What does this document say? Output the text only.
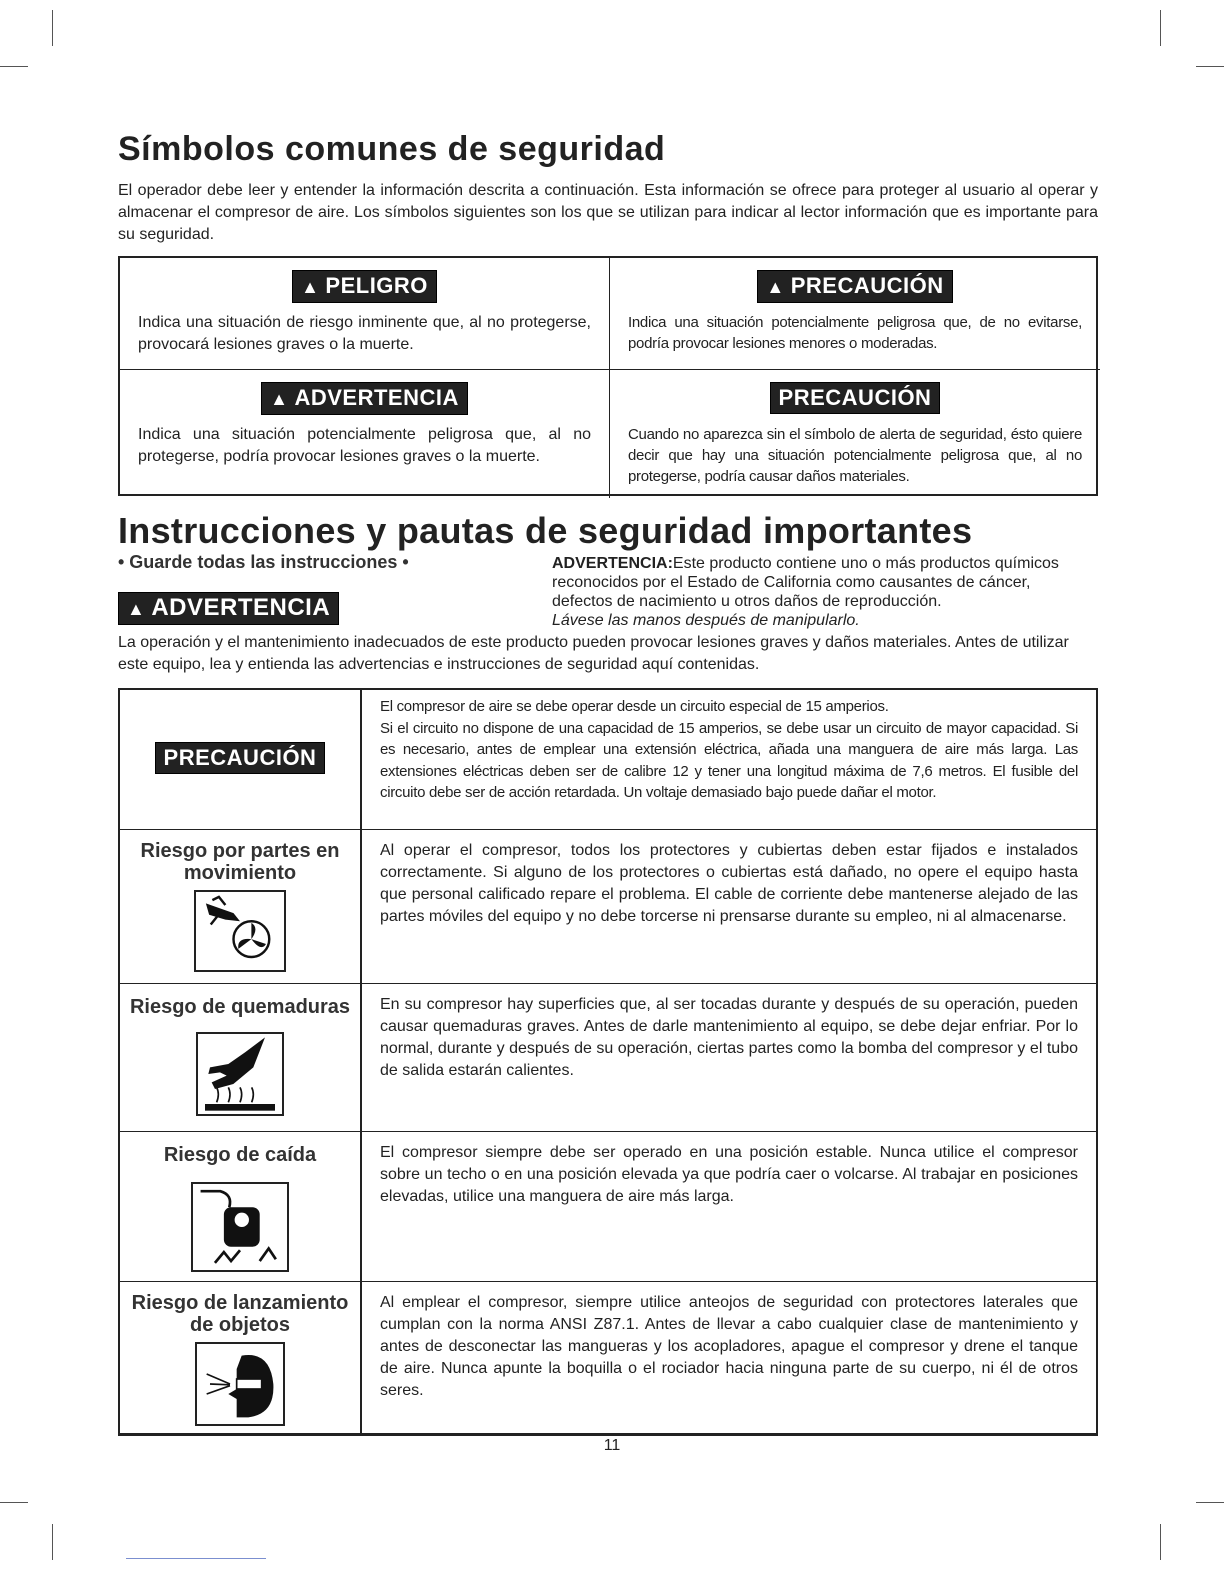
Símbolos comunes de seguridad

El operador debe leer y entender la información descrita a continuación. Esta información se ofrece para proteger al usuario al operar y almacenar el compresor de aire. Los símbolos siguientes son los que se utilizan para indicar al lector información que es importante para su seguridad.

▲ PELIGRO

Indica una situación de riesgo inminente que, al no protegerse, provocará lesiones graves o la muerte.

▲ PRECAUCIÓN

Indica una situación potencialmente peligrosa que, de no evitarse, podría provocar lesiones menores o moderadas.

▲ ADVERTENCIA

Indica una situación potencialmente peligrosa que, al no protegerse, podría provocar lesiones graves o la muerte.

PRECAUCIÓN

Cuando no aparezca sin el símbolo de alerta de seguridad, ésto quiere decir que hay una situación potencialmente peligrosa que, al no protegerse, podría causar daños materiales.

Instrucciones y pautas de seguridad importantes
• Guarde todas las instrucciones •
▲ ADVERTENCIA
ADVERTENCIA:Este producto contiene uno o más productos químicos reconocidos por el Estado de California como causantes de cáncer, defectos de nacimiento u otros daños de reproducción.
Lávese las manos después de manipularlo.

La operación y el mantenimiento inadecuados de este producto pueden provocar lesiones graves y daños materiales. Antes de utilizar este equipo, lea y entienda las advertencias e instrucciones de seguridad aquí contenidas.

PRECAUCIÓN
El compresor de aire se debe operar desde un circuito especial de 15 amperios.
Si el circuito no dispone de una capacidad de 15 amperios, se debe usar un circuito de mayor capacidad. Si es necesario, antes de emplear una extensión eléctrica, añada una manguera de aire más larga. Las extensiones eléctricas deben ser de calibre 12 y tener una longitud máxima de 7,6 metros. El fusible del circuito debe ser de acción retardada. Un voltaje demasiado bajo puede dañar el motor.
Riesgo por partes en movimiento
Al operar el compresor, todos los protectores y cubiertas deben estar fijados e instalados correctamente. Si alguno de los protectores o cubiertas está dañado, no opere el equipo hasta que personal calificado repare el problema. El cable de corriente debe mantenerse alejado de las partes móviles del equipo y no debe torcerse ni prensarse durante su empleo, ni al almacenarse.
Riesgo de quemaduras	En su compresor hay superficies que, al ser tocadas durante y después de su operación, pueden causar quemaduras graves. Antes de darle mantenimiento al equipo, se debe dejar enfriar. Por lo normal, durante y después de su operación, ciertas partes como la bomba del compresor y el tubo de salida estarán calientes.
Riesgo de caída	El compresor siempre debe ser operado en una posición estable. Nunca utilice el compresor sobre un techo o en una posición elevada ya que podría caer o volcarse. Al trabajar en posiciones elevadas, utilice una manguera de aire más larga.
Riesgo de lanzamiento de objetos
Al emplear el compresor, siempre utilice anteojos de seguridad con protectores laterales que cumplan con la norma ANSI Z87.1. Antes de llevar a cabo cualquier clase de mantenimiento y antes de desconectar las mangueras y los acopladores, apague el compresor y drene el tanque de aire. Nunca apunte la boquilla o el rociador hacia ninguna parte de su cuerpo, ni él de otros seres.
11
